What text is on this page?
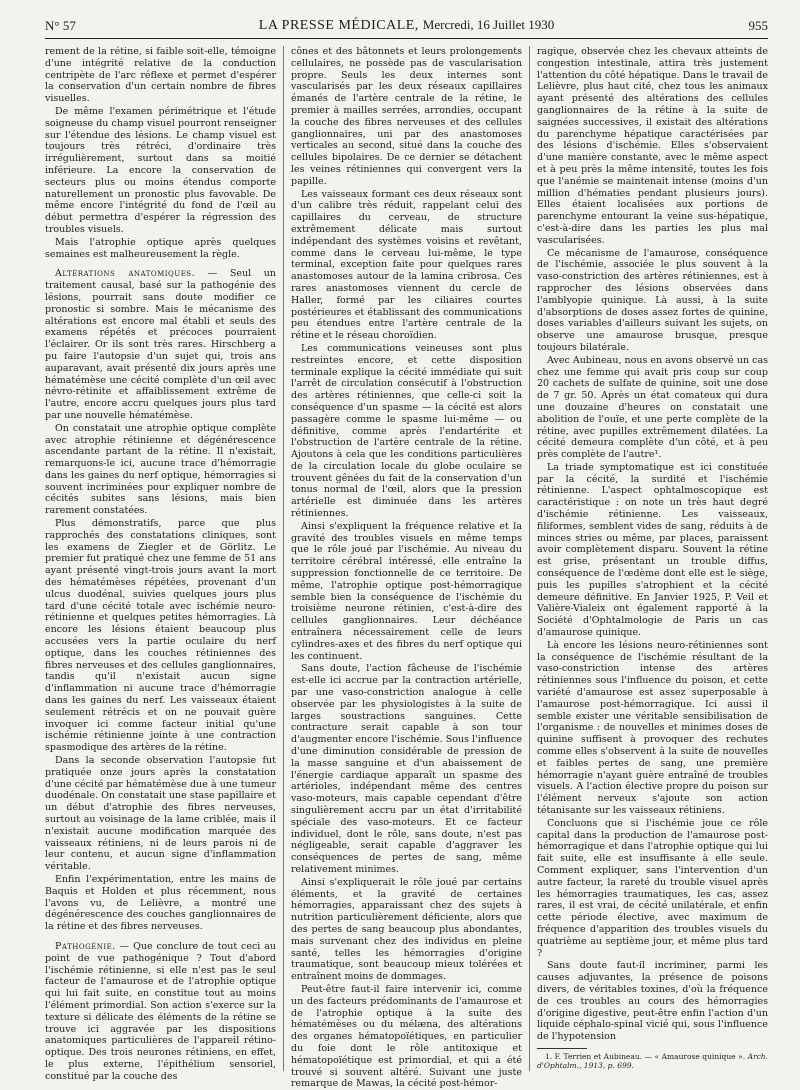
N° 57	LA PRESSE MÉDICALE, Mercredi, 16 Juillet 1930	955

rement de la rétine, si faible soit-elle, témoigne d'une intégrité relative de la conduction centripète de l'arc réflexe et permet d'espérer la conservation d'un certain nombre de fibres visuelles.

De même l'examen périmétrique et l'étude soigneuse du champ visuel pourront renseigner sur l'étendue des lésions. Le champ visuel est toujours très rétréci, d'ordinaire très irrégulièrement, surtout dans sa moitié inférieure. La encore la conservation de secteurs plus ou moins étendus comporte naturellement un pronostic plus favovable. De même encore l'intégrité du fond de l'œil au début permettra d'espérer la régression des troubles visuels.

Mais l'atrophie optique après quelques semaines est malheureusement la règle.

Altérations anatomiques. — Seul un traitement causal, basé sur la pathogénie des lésions, pourrait sans doute modifier ce pronostic si sombre. Mais le mécanisme des altérations est encore mal établi et seuls des examens répétés et précoces pourraient l'éclairer. Or ils sont très rares. Hirschberg a pu faire l'autopsie d'un sujet qui, trois ans auparavant, avait présenté dix jours après une hématémèse une cécité complète d'un œil avec névro-rétinite et affaiblissement extrême de l'autre, encore accru quelques jours plus tard par une nouvelle hématémèse.

On constatait une atrophie optique complète avec atrophie rétinienne et dégénérescence ascendante partant de la rétine. Il n'existait, remarquons-le ici, aucune trace d'hémorragie dans les gaines du nerf optique, hémorragies si souvent incriminées pour expliquer nombre de cécités subites sans lésions, mais bien rarement constatées.

Plus démonstratifs, parce que plus rapprochés des constatations cliniques, sont les examens de Ziegler et de Görlitz. Le premier fut pratiqué chez une femme de 51 ans ayant présenté vingt-trois jours avant la mort des hématémèses répétées, provenant d'un ulcus duodénal, suivies quelques jours plus tard d'une cécité totale avec ischémie neuro-rétinienne et quelques petites hémorragies. Là encore les lésions étaient beaucoup plus accusées vers la partie oculaire du nerf optique, dans les couches rétiniennes des fibres nerveuses et des cellules ganglionnaires, tandis qu'il n'existait aucun signe d'inflammation ni aucune trace d'hémorragie dans les gaines du nerf. Les vaisseaux étaient seulement rétrécis et on ne pouvait guère invoquer ici comme facteur initial qu'une ischémie rétinienne jointe à une contraction spasmodique des artères de la rétine.

Dans la seconde observation l'autopsie fut pratiquée onze jours après la constatation d'une cécité par hématémèse due à une tumeur duodénale. On constatait une stase papillaire et un début d'atrophie des fibres nerveuses, surtout au voisinage de la lame criblée, mais il n'existait aucune modification marquée des vaisseaux rétiniens, ni de leurs parois ni de leur contenu, et aucun signe d'inflammation véritable.

Enfin l'expérimentation, entre les mains de Baquis et Holden et plus récemment, nous l'avons vu, de Lelièvre, a montré une dégénérescence des couches ganglionnaires de la rétine et des fibres nerveuses.

Pathogénie. — Que conclure de tout ceci au point de vue pathogénique ? Tout d'abord l'ischémie rétinienne, si elle n'est pas le seul facteur de l'amaurose et de l'atrophie optique qui lui fait suite, en constitue tout au moins l'élément primordial. Son action s'exerce sur la texture si délicate des éléments de la rétine se trouve ici aggravée par les dispositions anatomiques particulières de l'appareil rétino-optique. Des trois neurones rétiniens, en effet, le plus externe, l'épithélium sensoriel, constitué par la couche des

cônes et des bâtonnets et leurs prolongements cellulaires, ne possède pas de vascularisation propre. Seuls les deux internes sont vascularisés par les deux réseaux capillaires émanés de l'artère centrale de la rétine, le premier à mailles serrées, arrondies, occupant la couche des fibres nerveuses et des cellules ganglionnaires, uni par des anastomoses verticales au second, situé dans la couche des cellules bipolaires. De ce dernier se détachent les veines rétiniennes qui convergent vers la papille.

Les vaisseaux formant ces deux réseaux sont d'un calibre très réduit, rappelant celui des capillaires du cerveau, de structure extrêmement délicate mais surtout indépendant des systèmes voisins et revêtant, comme dans le cerveau lui-même, le type terminal, exception faite pour quelques rares anastomoses autour de la lamina cribrosa. Ces rares anastomoses viennent du cercle de Haller, formé par les ciliaires courtes postérieures et établissant des communications peu étendues entre l'artère centrale de la rétine et le réseau choroïdien.

Les communications veineuses sont plus restreintes encore, et cette disposition terminale explique la cécité immédiate qui suit l'arrêt de circulation consécutif à l'obstruction des artères rétiniennes, que celle-ci soit la conséquence d'un spasme — la cécité est alors passagère comme le spasme lui-même — ou définitive, comme après l'endartérite et l'obstruction de l'artère centrale de la rétine. Ajoutons à cela que les conditions particulières de la circulation locale du globe oculaire se trouvent gênées du fait de la conservation d'un tonus normal de l'œil, alors que la pression artérielle est diminuée dans les artères rétiniennes.

Ainsi s'expliquent la fréquence relative et la gravité des troubles visuels en même temps que le rôle joué par l'ischémie. Au niveau du territoire cérébral intéressé, elle entraîne la suppression fonctionnelle de ce territoire. De même, l'atrophie optique post-hémorragique semble bien la conséquence de l'ischémie du troisième neurone rétinien, c'est-à-dire des cellules ganglionnaires. Leur déchéance entraînera nécessairement celle de leurs cylindres-axes et des fibres du nerf optique qui les continuent.

Sans doute, l'action fâcheuse de l'ischémie est-elle ici accrue par la contraction artérielle, par une vaso-constriction analogue à celle observée par les physiologistes à la suite de larges soustractions sanguines. Cette contracture serait capable à son tour d'augmenter encore l'ischémie. Sous l'influence d'une diminution considérable de pression de la masse sanguine et d'un abaissement de l'énergie cardiaque apparaît un spasme des artérioles, indépendant même des centres vaso-moteurs, mais capable cependant d'être singulièrement accru par un état d'irritabilité spéciale des vaso-moteurs. Et ce facteur individuel, dont le rôle, sans doute, n'est pas négligeable, serait capable d'aggraver les conséquences de pertes de sang, même relativement minimes.

Ainsi s'expliquerait le rôle joué par certains éléments, et la gravité de certaines hémorragies, apparaissant chez des sujets à nutrition particulièrement déficiente, alors que des pertes de sang beaucoup plus abondantes, mais survenant chez des individus en pleine santé, telles les hémorragies d'origine traumatique, sont beaucoup mieux tolérées et entraînent moins de dommages.

Peut-être faut-il faire intervenir ici, comme un des facteurs prédominants de l'amaurose et de l'atrophie optique à la suite des hématémèses ou du mélæna, des altérations des organes hématopoïétiques, en particulier du foie dont le rôle antitoxique et hématopoïétique est primordial, et qui a été trouvé si souvent altéré. Suivant une juste remarque de Mawas, la cécité post-hémor-

ragique, observée chez les chevaux atteints de congestion intestinale, attira très justement l'attention du côté hépatique. Dans le travail de Lelièvre, plus haut cité, chez tous les animaux ayant présenté des altérations des cellules ganglionnaires de la rétine à la suite de saignées successives, il existait des altérations du parenchyme hépatique caractérisées par des lésions d'ischémie. Elles s'observaient d'une manière constante, avec le même aspect et à peu près la même intensité, toutes les fois que l'anémie se maintenait intense (moins d'un million d'hématies pendant plusieurs jours). Elles étaient localisées aux portions de parenchyme entourant la veine sus-hépatique, c'est-à-dire dans les parties les plus mal vascularisées.

Ce mécanisme de l'amaurose, conséquence de l'ischémie, associée le plus souvent à la vaso-constriction des artères rétiniennes, est à rapprocher des lésions observées dans l'amblyopie quinique. Là aussi, à la suite d'absorptions de doses assez fortes de quinine, doses variables d'ailleurs suivant les sujets, on observe une amaurose brusque, presque toujours bilatérale.

Avec Aubineau, nous en avons observé un cas chez une femme qui avait pris coup sur coup 20 cachets de sulfate de quinine, soit une dose de 7 gr. 50. Après un état comateux qui dura une douzaine d'heures on constatait une abolition de l'ouïe, et une perte complète de la rétine, avec pupilles extrêmement dilatées. La cécité demeura complète d'un côté, et à peu près complète de l'autre¹.

La triade symptomatique est ici constituée par la cécité, la surdité et l'ischémie rétinienne. L'aspect ophtalmoscopique est caractéristique : on note un très haut degré d'ischémie rétinienne. Les vaisseaux, filiformes, semblent vides de sang, réduits à de minces stries ou même, par places, paraissent avoir complètement disparu. Souvent la rétine est grise, présentant un trouble diffus, conséquence de l'œdème dont elle est le siège, puis les pupilles s'atrophient et la cécité demeure définitive. En Janvier 1925, P. Veil et Valière-Vialeix ont également rapporté à la Société d'Ophtalmologie de Paris un cas d'amaurose quinique.

Là encore les lésions neuro-rétiniennes sont la conséquence de l'ischémie résultant de la vaso-constriction intense des artères rétiniennes sous l'influence du poison, et cette variété d'amaurose est assez superposable à l'amaurose post-hémorragique. Ici aussi il semble exister une véritable sensibilisation de l'organisme : de nouvelles et minimes doses de quinine suffisent à provoquer des rechutes comme elles s'observent à la suite de nouvelles et faibles pertes de sang, une première hémorragie n'ayant guère entraîné de troubles visuels. A l'action élective propre du poison sur l'élément nerveux s'ajoute son action tétanisante sur les vaisseaux rétiniens.

Concluons que si l'ischémie joue ce rôle capital dans la production de l'amaurose post-hémorragique et dans l'atrophie optique qui lui fait suite, elle est insuffisante à elle seule. Comment expliquer, sans l'intervention d'un autre facteur, la rareté du trouble visuel après les hémorragies traumatiques, les cas, assez rares, il est vrai, de cécité unilatérale, et enfin cette période élective, avec maximum de fréquence d'apparition des troubles visuels du quatrième au septième jour, et même plus tard ?

Sans doute faut-il incriminer, parmi les causes adjuvantes, la présence de poisons divers, de véritables toxines, d'où la fréquence de ces troubles au cours des hémorragies d'origine digestive, peut-être enfin l'action d'un liquide céphalo-spinal vicié qui, sous l'influence de l'hypotension

1. F. Terrien et Aubineau. — « Amaurose quinique ». Arch. d'Ophtalm., 1913, p. 699.
